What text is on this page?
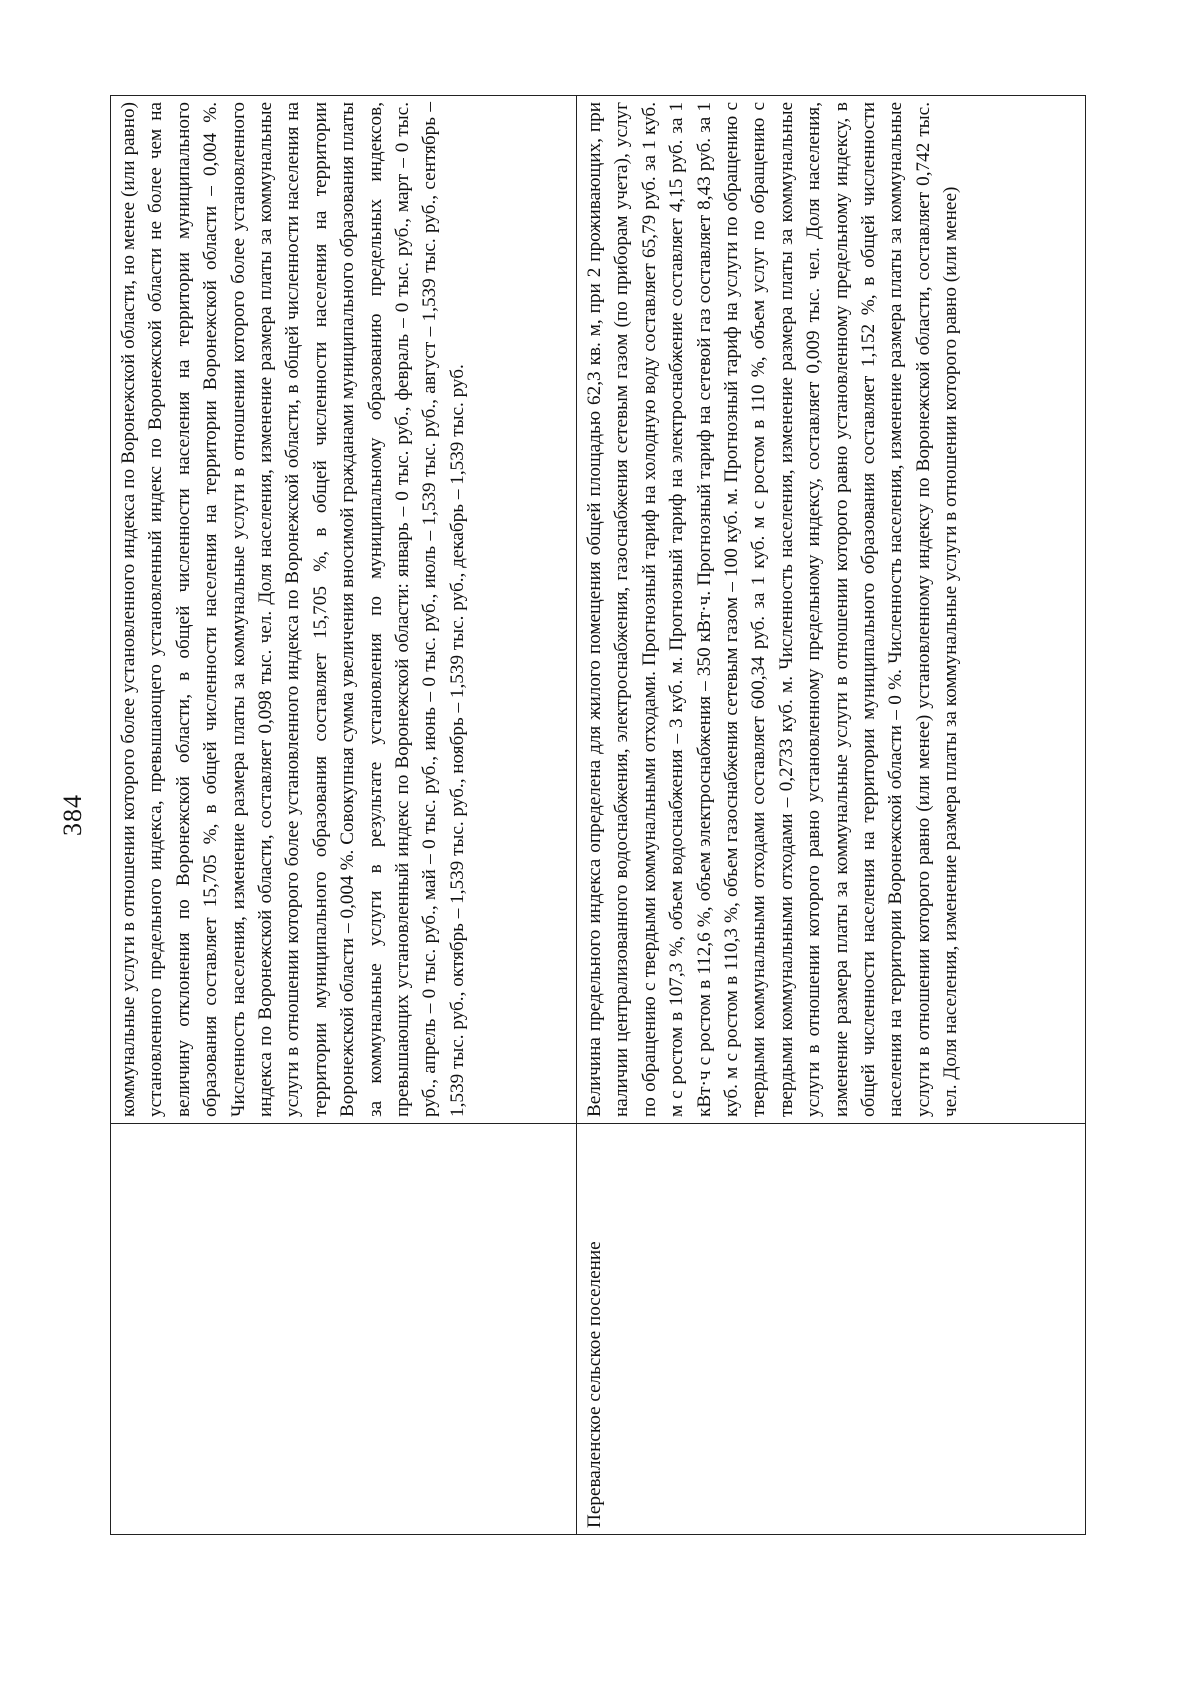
384

	коммунальные услуги в отношении которого более установленного индекса по Воронежской области, но менее (или равно) установленного предельного индекса, превышающего установленный индекс по Воронежской области не более чем на величину отклонения по Воронежской области, в общей численности населения на территории муниципального образования составляет 15,705 %, в общей численности населения на территории Воронежской области – 0,004 %. Численность населения, изменение размера платы за коммунальные услуги в отношении которого более установленного индекса по Воронежской области, составляет 0,098 тыс. чел. Доля населения, изменение размера платы за коммунальные услуги в отношении которого более установленного индекса по Воронежской области, в общей численности населения на территории муниципального образования составляет 15,705 %, в общей численности населения на территории Воронежской области – 0,004 %. Совокупная сумма увеличения вносимой гражданами муниципального образования платы за коммунальные услуги в результате установления по муниципальному образованию предельных индексов, превышающих установленный индекс по Воронежской области: январь – 0 тыс. руб., февраль – 0 тыс. руб., март – 0 тыс. руб., апрель – 0 тыс. руб., май – 0 тыс. руб., июнь – 0 тыс. руб., июль – 1,539 тыс. руб., август – 1,539 тыс. руб., сентябрь – 1,539 тыс. руб., октябрь – 1,539 тыс. руб., ноябрь – 1,539 тыс. руб., декабрь – 1,539 тыс. руб.

Переваленское сельское поселение	Величина предельного индекса определена для жилого помещения общей площадью 62,3 кв. м, при 2 проживающих, при наличии централизованного водоснабжения, электроснабжения, газоснабжения сетевым газом (по приборам учета), услуг по обращению с твердыми коммунальными отходами. Прогнозный тариф на холодную воду составляет 65,79 руб. за 1 куб. м с ростом в 107,3 %, объем водоснабжения – 3 куб. м. Прогнозный тариф на электроснабжение составляет 4,15 руб. за 1 кВт·ч с ростом в 112,6 %, объем электроснабжения – 350 кВт·ч. Прогнозный тариф на сетевой газ составляет 8,43 руб. за 1 куб. м с ростом в 110,3 %, объем газоснабжения сетевым газом – 100 куб. м. Прогнозный тариф на услуги по обращению с твердыми коммунальными отходами составляет 600,34 руб. за 1 куб. м с ростом в 110 %, объем услуг по обращению с твердыми коммунальными отходами – 0,2733 куб. м. Численность населения, изменение размера платы за коммунальные услуги в отношении которого равно установленному предельному индексу, составляет 0,009 тыс. чел. Доля населения, изменение размера платы за коммунальные услуги в отношении которого равно установленному предельному индексу, в общей численности населения на территории муниципального образования составляет 1,152 %, в общей численности населения на территории Воронежской области – 0 %. Численность населения, изменение размера платы за коммунальные услуги в отношении которого равно (или менее) установленному индексу по Воронежской области, составляет 0,742 тыс. чел. Доля населения, изменение размера платы за коммунальные услуги в отношении которого равно (или менее)
